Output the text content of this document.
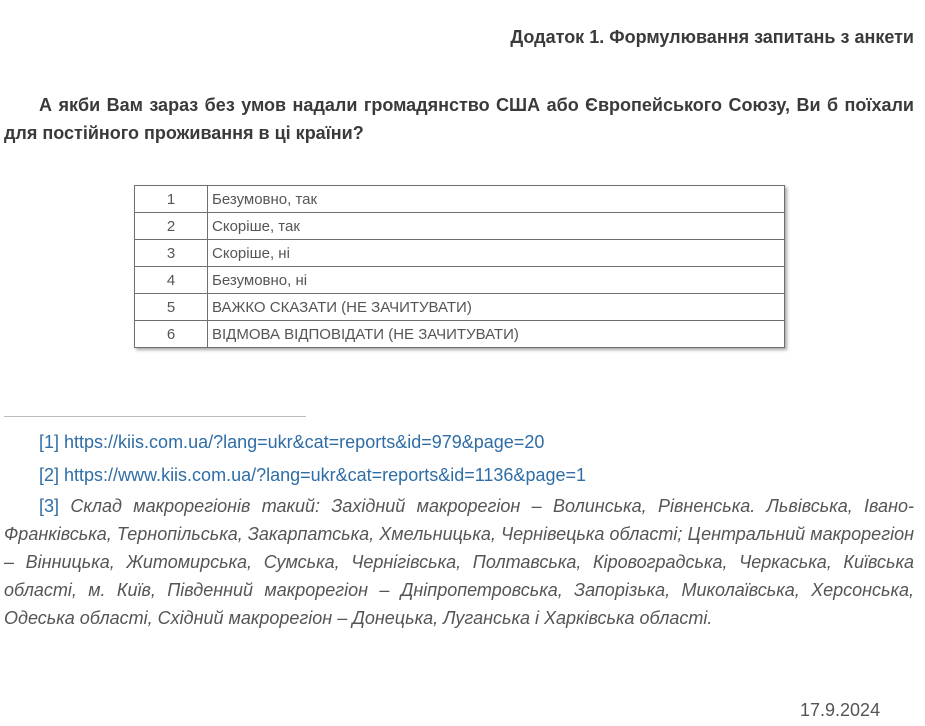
Додаток 1. Формулювання запитань з анкети
А якби Вам зараз без умов надали громадянство США або Європейського Союзу, Ви б поїхали для постійного проживання в ці країни?
1	Безумовно, так
2	Скоріше, так
3	Скоріше, ні
4	Безумовно, ні
5	ВАЖКО СКАЗАТИ (НЕ ЗАЧИТУВАТИ)
6	ВІДМОВА ВІДПОВІДАТИ (НЕ ЗАЧИТУВАТИ)
[1] https://kiis.com.ua/?lang=ukr&cat=reports&id=979&page=20
[2] https://www.kiis.com.ua/?lang=ukr&cat=reports&id=1136&page=1
[3] Склад макрорегіонів такий: Західний макрорегіон – Волинська, Рівненська. Львівська, Івано-Франківська, Тернопільська, Закарпатська, Хмельницька, Чернівецька області; Центральний макрорегіон – Вінницька, Житомирська, Сумська, Чернігівська, Полтавська, Кіровоградська, Черкаська, Київська області, м. Київ, Південний макрорегіон – Дніпропетровська, Запорізька, Миколаївська, Херсонська, Одеська області, Східний макрорегіон – Донецька, Луганська і Харківська області.
17.9.2024
